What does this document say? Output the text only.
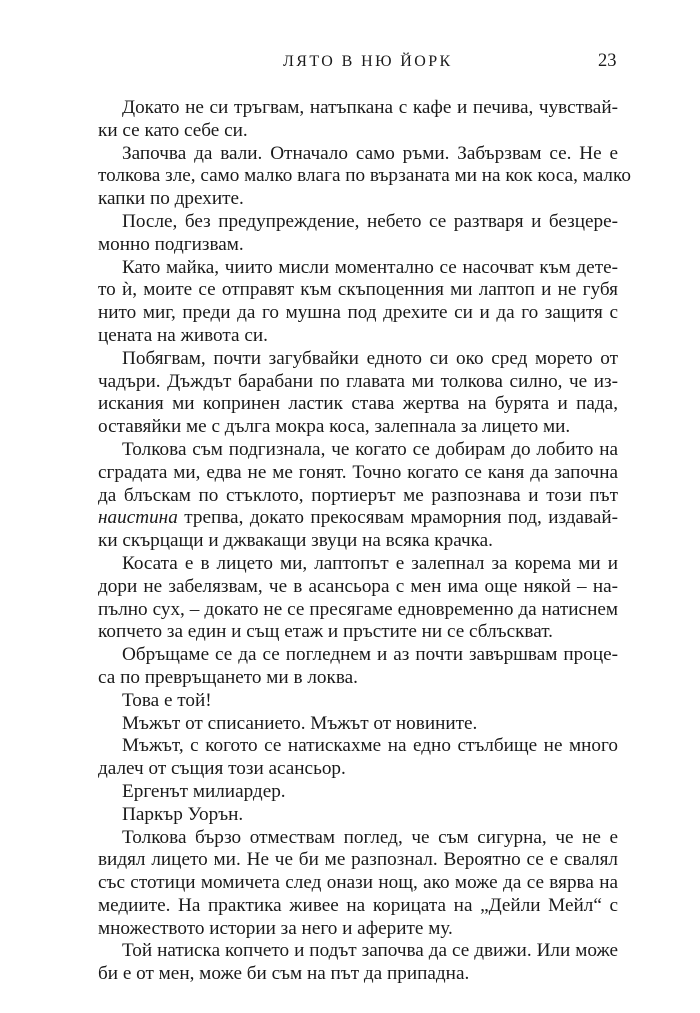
ЛЯТО В НЮ ЙОРК	23
Докато не си тръгвам, натъпкана с кафе и печива, чувствай-
ки се като себе си.
Започва да вали. Отначало само ръми. Забързвам се. Не е
толкова зле, само малко влага по вързаната ми на кок коса, малко
капки по дрехите.
После, без предупреждение, небето се разтваря и безцере-
монно подгизвам.
Като майка, чиито мисли моментално се насочват към дете-
то ѝ, моите се отправят към скъпоценния ми лаптоп и не губя
нито миг, преди да го мушна под дрехите си и да го защитя с
цената на живота си.
Побягвам, почти загубвайки едното си око сред морето от
чадъри. Дъждът барабани по главата ми толкова силно, че из-
искания ми копринен ластик става жертва на бурята и пада,
оставяйки ме с дълга мокра коса, залепнала за лицето ми.
Толкова съм подгизнала, че когато се добирам до лобито на
сградата ми, едва не ме гонят. Точно когато се каня да започна
да блъскам по стъклото, портиерът ме разпознава и този път
наистина трепва, докато прекосявам мраморния под, издавай-
ки скърцащи и джвакащи звуци на всяка крачка.
Косата е в лицето ми, лаптопът е залепнал за корема ми и
дори не забелязвам, че в асансьора с мен има още някой – на-
пълно сух, – докато не се пресягаме едновременно да натиснем
копчето за един и същ етаж и пръстите ни се сблъскват.
Обръщаме се да се погледнем и аз почти завършвам проце-
са по превръщането ми в локва.
Това е той!
Мъжът от списанието. Мъжът от новините.
Мъжът, с когото се натискахме на едно стълбище не много
далеч от същия този асансьор.
Ергенът милиардер.
Паркър Уорън.
Толкова бързо отмествам поглед, че съм сигурна, че не е
видял лицето ми. Не че би ме разпознал. Вероятно се е свалял
със стотици момичета след онази нощ, ако може да се вярва на
медиите. На практика живее на корицата на „Дейли Мейл“ с
множеството истории за него и аферите му.
Той натиска копчето и подът започва да се движи. Или може
би е от мен, може би съм на път да припадна.
